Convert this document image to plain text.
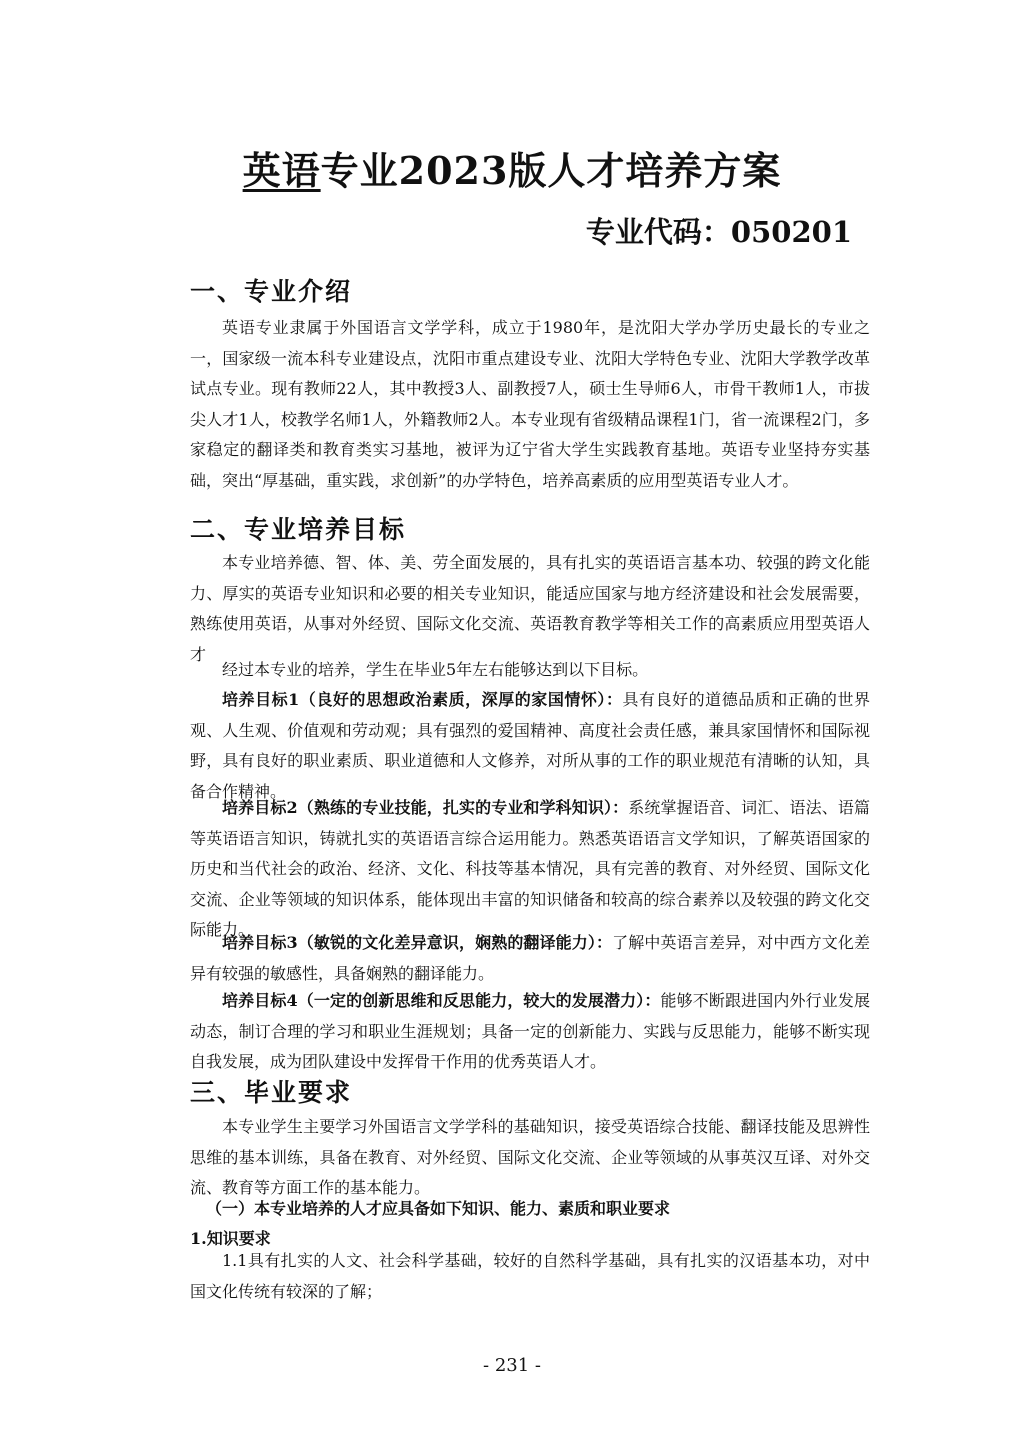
英语专业2023版人才培养方案
专业代码：050201
一、专业介绍
英语专业隶属于外国语言文学学科，成立于1980年，是沈阳大学办学历史最长的专业之一，国家级一流本科专业建设点，沈阳市重点建设专业、沈阳大学特色专业、沈阳大学教学改革试点专业。现有教师22人，其中教授3人、副教授7人，硕士生导师6人，市骨干教师1人，市拔尖人才1人，校教学名师1人，外籍教师2人。本专业现有省级精品课程1门，省一流课程2门，多家稳定的翻译类和教育类实习基地，被评为辽宁省大学生实践教育基地。英语专业坚持夯实基础，突出“厚基础，重实践，求创新”的办学特色，培养高素质的应用型英语专业人才。
二、专业培养目标
本专业培养德、智、体、美、劳全面发展的，具有扎实的英语语言基本功、较强的跨文化能力、厚实的英语专业知识和必要的相关专业知识，能适应国家与地方经济建设和社会发展需要，熟练使用英语，从事对外经贸、国际文化交流、英语教育教学等相关工作的高素质应用型英语人才
经过本专业的培养，学生在毕业5年左右能够达到以下目标。
培养目标1（良好的思想政治素质，深厚的家国情怀）：具有良好的道德品质和正确的世界观、人生观、价值观和劳动观；具有强烈的爱国精神、高度社会责任感，兼具家国情怀和国际视野，具有良好的职业素质、职业道德和人文修养，对所从事的工作的职业规范有清晰的认知，具备合作精神。
培养目标2（熟练的专业技能，扎实的专业和学科知识）：系统掌握语音、词汇、语法、语篇等英语语言知识，铸就扎实的英语语言综合运用能力。熟悉英语语言文学知识，了解英语国家的历史和当代社会的政治、经济、文化、科技等基本情况，具有完善的教育、对外经贸、国际文化交流、企业等领域的知识体系，能体现出丰富的知识储备和较高的综合素养以及较强的跨文化交际能力。
培养目标3（敏锐的文化差异意识，娴熟的翻译能力）：了解中英语言差异，对中西方文化差异有较强的敏感性，具备娴熟的翻译能力。
培养目标4（一定的创新思维和反思能力，较大的发展潜力）：能够不断跟进国内外行业发展动态，制订合理的学习和职业生涯规划；具备一定的创新能力、实践与反思能力，能够不断实现自我发展，成为团队建设中发挥骨干作用的优秀英语人才。
三、毕业要求
本专业学生主要学习外国语言文学学科的基础知识，接受英语综合技能、翻译技能及思辨性思维的基本训练，具备在教育、对外经贸、国际文化交流、企业等领域的从事英汉互译、对外交流、教育等方面工作的基本能力。
（一）本专业培养的人才应具备如下知识、能力、素质和职业要求
1.知识要求
1.1具有扎实的人文、社会科学基础，较好的自然科学基础，具有扎实的汉语基本功，对中国文化传统有较深的了解；
- 231 -
